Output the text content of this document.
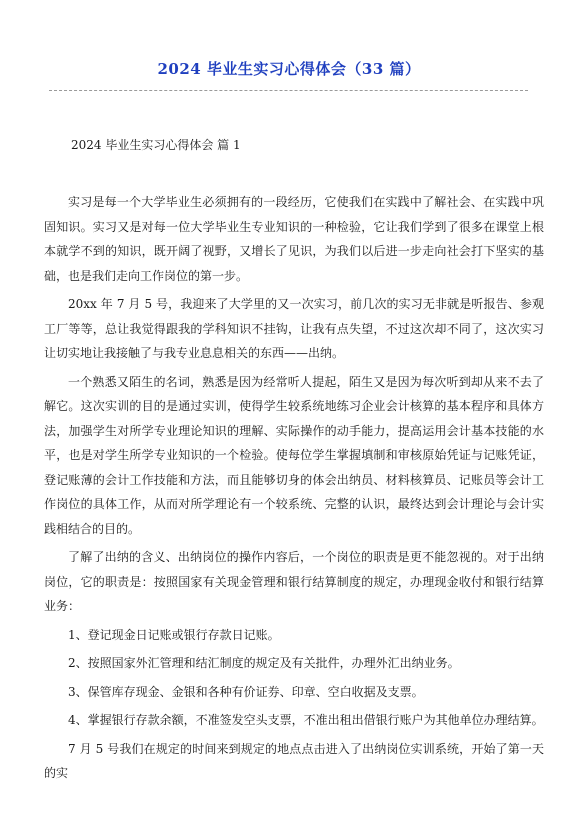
2024 毕业生实习心得体会（33 篇）
2024 毕业生实习心得体会 篇 1

实习是每一个大学毕业生必须拥有的一段经历，它使我们在实践中了解社会、在实践中巩固知识。实习又是对每一位大学毕业生专业知识的一种检验，它让我们学到了很多在课堂上根本就学不到的知识，既开阔了视野，又增长了见识，为我们以后进一步走向社会打下坚实的基础，也是我们走向工作岗位的第一步。

20xx 年 7 月 5 号，我迎来了大学里的又一次实习，前几次的实习无非就是听报告、参观工厂等等，总让我觉得跟我的学科知识不挂钩，让我有点失望，不过这次却不同了，这次实习让切实地让我接触了与我专业息息相关的东西——出纳。

一个熟悉又陌生的名词，熟悉是因为经常听人提起，陌生又是因为每次听到却从来不去了解它。这次实训的目的是通过实训，使得学生较系统地练习企业会计核算的基本程序和具体方法，加强学生对所学专业理论知识的理解、实际操作的动手能力，提高运用会计基本技能的水平，也是对学生所学专业知识的一个检验。使每位学生掌握填制和审核原始凭证与记账凭证，登记账薄的会计工作技能和方法，而且能够切身的体会出纳员、材料核算员、记账员等会计工作岗位的具体工作，从而对所学理论有一个较系统、完整的认识，最终达到会计理论与会计实践相结合的目的。

了解了出纳的含义、出纳岗位的操作内容后，一个岗位的职责是更不能忽视的。对于出纳岗位，它的职责是：按照国家有关现金管理和银行结算制度的规定，办理现金收付和银行结算业务：

1、登记现金日记账或银行存款日记账。

2、按照国家外汇管理和结汇制度的规定及有关批件，办理外汇出纳业务。

3、保管库存现金、金银和各种有价证券、印章、空白收据及支票。

4、掌握银行存款余额，不准签发空头支票，不准出租出借银行账户为其他单位办理结算。

7 月 5 号我们在规定的时间来到规定的地点点击进入了出纳岗位实训系统，开始了第一天的实
